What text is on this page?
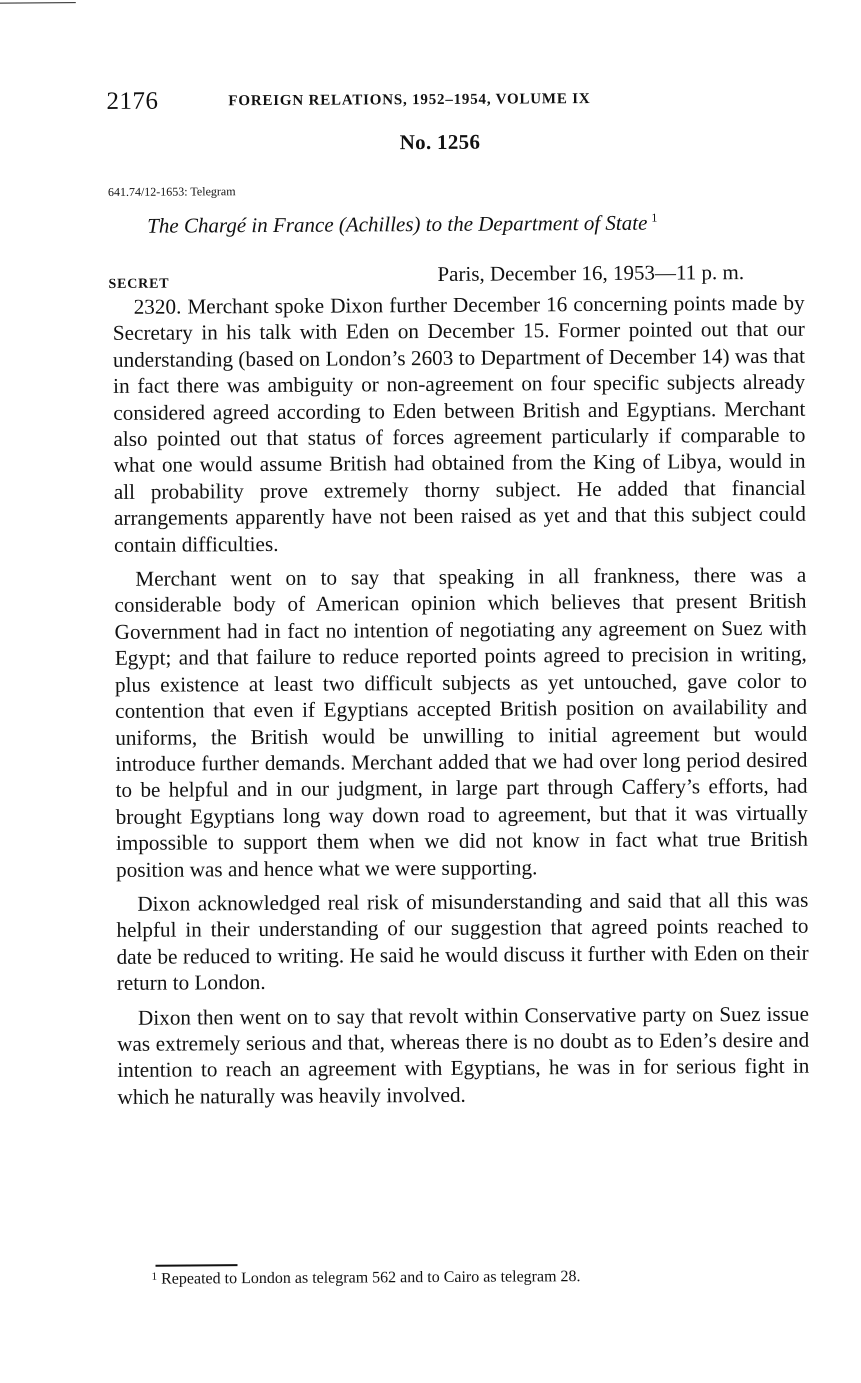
2176	FOREIGN RELATIONS, 1952–1954, VOLUME IX
No. 1256
641.74/12-1653: Telegram
The Chargé in France (Achilles) to the Department of State $^1$
SECRET	Paris, December 16, 1953—11 p. m.

2320. Merchant spoke Dixon further December 16 concerning points made by Secretary in his talk with Eden on December 15. Former pointed out that our understanding (based on London’s 2603 to Department of December 14) was that in fact there was ambiguity or non-agreement on four specific subjects already considered agreed according to Eden between British and Egyptians. Merchant also pointed out that status of forces agreement particularly if comparable to what one would assume British had obtained from the King of Libya, would in all probability prove extremely thorny subject. He added that financial arrangements apparently have not been raised as yet and that this subject could contain difficulties.

Merchant went on to say that speaking in all frankness, there was a considerable body of American opinion which believes that present British Government had in fact no intention of negotiating any agreement on Suez with Egypt; and that failure to reduce reported points agreed to precision in writing, plus existence at least two difficult subjects as yet untouched, gave color to contention that even if Egyptians accepted British position on availability and uniforms, the British would be unwilling to initial agreement but would introduce further demands. Merchant added that we had over long period desired to be helpful and in our judgment, in large part through Caffery’s efforts, had brought Egyptians long way down road to agreement, but that it was virtually impossible to support them when we did not know in fact what true British position was and hence what we were supporting.

Dixon acknowledged real risk of misunderstanding and said that all this was helpful in their understanding of our suggestion that agreed points reached to date be reduced to writing. He said he would discuss it further with Eden on their return to London.

Dixon then went on to say that revolt within Conservative party on Suez issue was extremely serious and that, whereas there is no doubt as to Eden’s desire and intention to reach an agreement with Egyptians, he was in for serious fight in which he naturally was heavily involved.

$^1$ Repeated to London as telegram 562 and to Cairo as telegram 28.
